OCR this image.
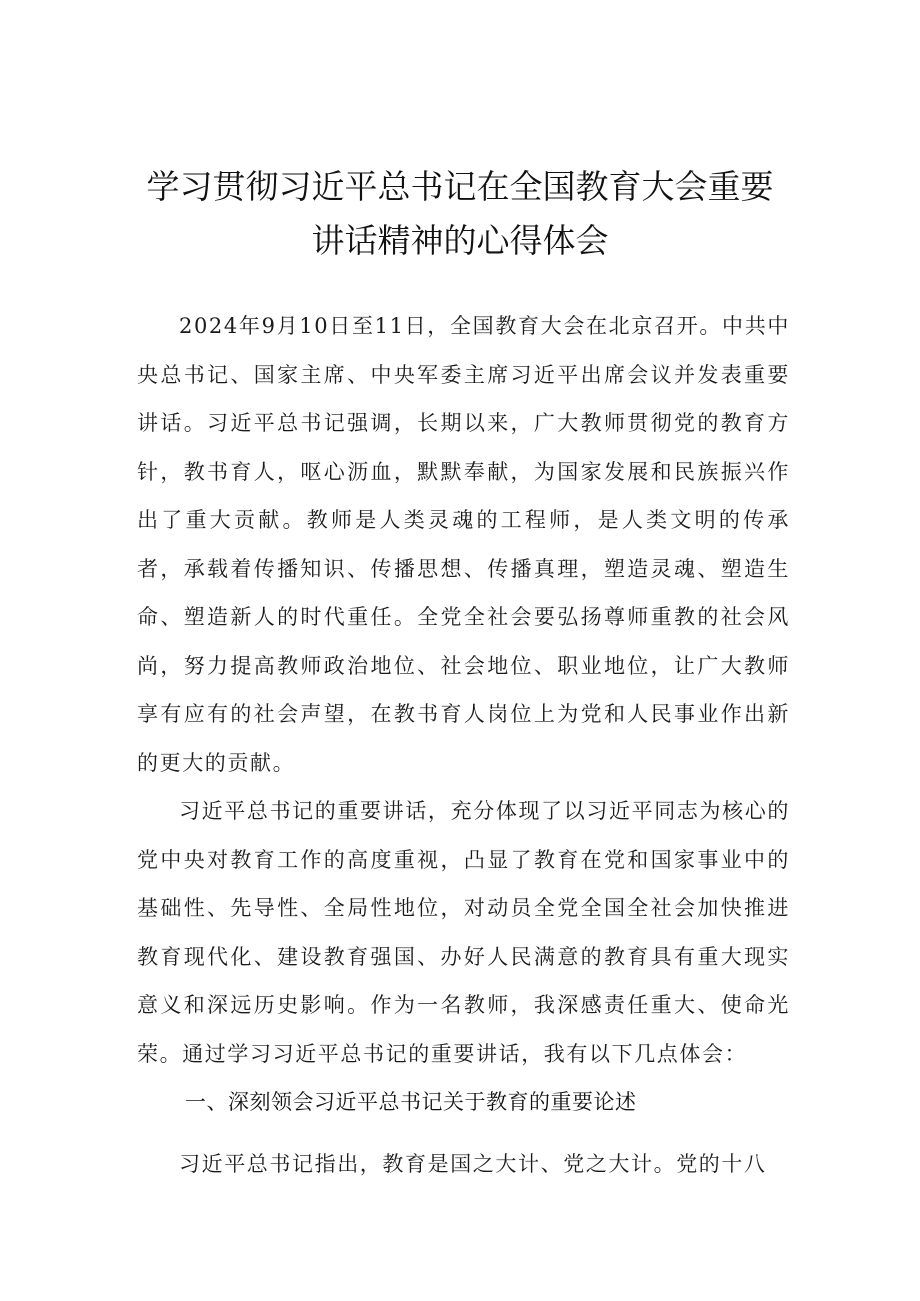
学习贯彻习近平总书记在全国教育大会重要讲话精神的心得体会

2024年9月10日至11日，全国教育大会在北京召开。中共中央总书记、国家主席、中央军委主席习近平出席会议并发表重要讲话。习近平总书记强调，长期以来，广大教师贯彻党的教育方针，教书育人，呕心沥血，默默奉献，为国家发展和民族振兴作出了重大贡献。教师是人类灵魂的工程师，是人类文明的传承者，承载着传播知识、传播思想、传播真理，塑造灵魂、塑造生命、塑造新人的时代重任。全党全社会要弘扬尊师重教的社会风尚，努力提高教师政治地位、社会地位、职业地位，让广大教师享有应有的社会声望，在教书育人岗位上为党和人民事业作出新的更大的贡献。

习近平总书记的重要讲话，充分体现了以习近平同志为核心的党中央对教育工作的高度重视，凸显了教育在党和国家事业中的基础性、先导性、全局性地位，对动员全党全国全社会加快推进教育现代化、建设教育强国、办好人民满意的教育具有重大现实意义和深远历史影响。作为一名教师，我深感责任重大、使命光荣。通过学习习近平总书记的重要讲话，我有以下几点体会：

一、深刻领会习近平总书记关于教育的重要论述

习近平总书记指出，教育是国之大计、党之大计。党的十八
